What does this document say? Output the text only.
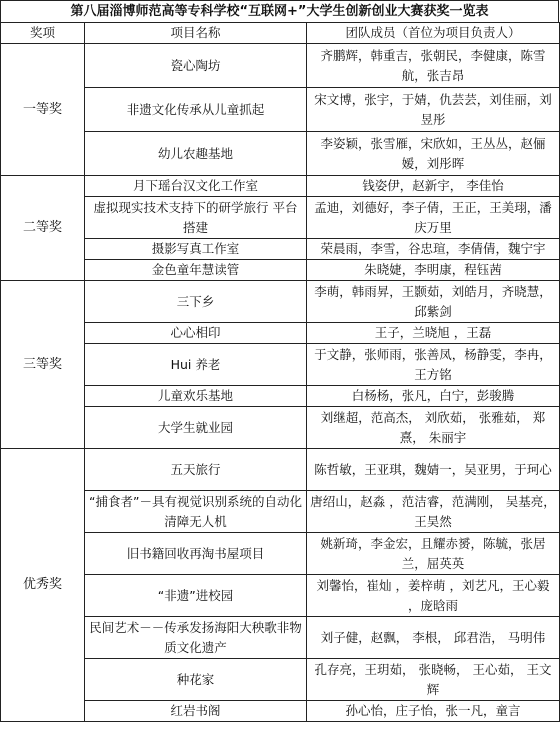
第八届淄博师范高等专科学校“互联网+”大学生创新创业大赛获奖一览表
奖项	项目名称	团队成员（首位为项目负责人）
一等奖	瓷心陶坊	齐鹏辉，韩重吉，张朝民，李健康，陈雪航，张吉昂
	非遗文化传承从儿童抓起	宋文博，张宇，于婧，仇芸芸，刘佳丽，刘昱彤
	幼儿农趣基地	李姿颖，张雪雁，宋欣如，王丛丛，赵俪嫒，刘彤晖
二等奖	月下瑶台汉文化工作室	钱姿伊，赵新宇， 李佳怡
	虚拟现实技术支持下的研学旅行 平台搭建	孟迪，刘德好，李子倩，王正，王美珝，潘庆万里
	摄影写真工作室	荣晨雨，李雪，谷忠瑄，李倩倩，魏宁宇
	金色童年慧读管	朱晓婕，李明康，程钰茜
三等奖	三下乡	李萌，韩雨昇，王颢茹，刘皓月，齐晓慧，邱紫剑
	心心相印	王子，兰晓旭 ，王磊
	Hui 养老	于文静，张师雨，张善凤，杨静雯，李冉，王方铭
	儿童欢乐基地	白杨杨，张凡，白宁，彭骏腾
	大学生就业园	刘继超，范高杰， 刘欣茹， 张雅茹， 郑熹， 朱丽宇
优秀奖	五天旅行	陈哲敏，王亚琪，魏婧一，吴亚男，于珂心
	“捕食者”－具有视觉识别系统的自动化清障无人机	唐绍山，赵淼 ，范洁睿，范满刚， 吴基亮， 王昊然
	旧书籍回收再淘书屋项目	姚新琦，李金宏，且耀赤赟，陈毓，张居兰，屈英英
	“非遗”进校园	刘馨怡，崔灿 ，姜梓萌 ，刘艺凡，王心毅 ，庞晗雨
	民间艺术－－传承发扬海阳大秧歌非物质文化遗产	刘子健，赵飘， 李根， 邱君浩， 马明伟
	种花家	孔存亮，王玥茹， 张晓畅， 王心茹， 王文辉
	红岩书阁	孙心怡，庄子怡，张一凡，童言
